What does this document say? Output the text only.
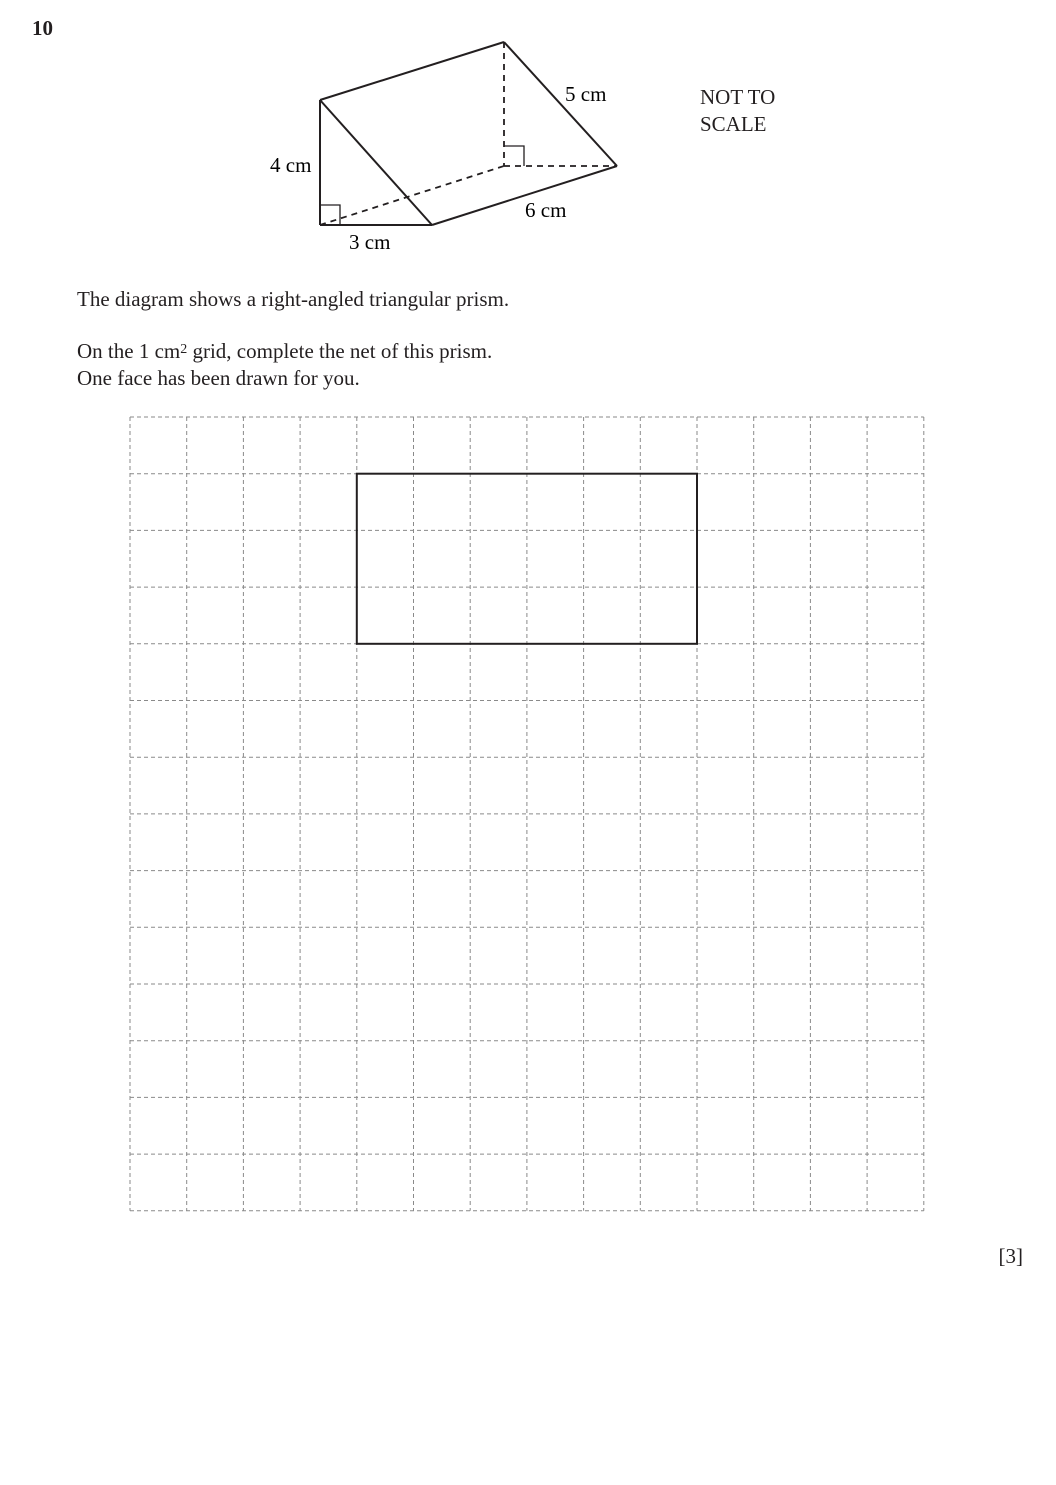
10
4 cm
3 cm
6 cm
5 cm	NOT TO
SCALE
The diagram shows a right-angled triangular prism.
On the 1 $cm^2$ grid, complete the net of this prism.
One face has been drawn for you.
[3]
